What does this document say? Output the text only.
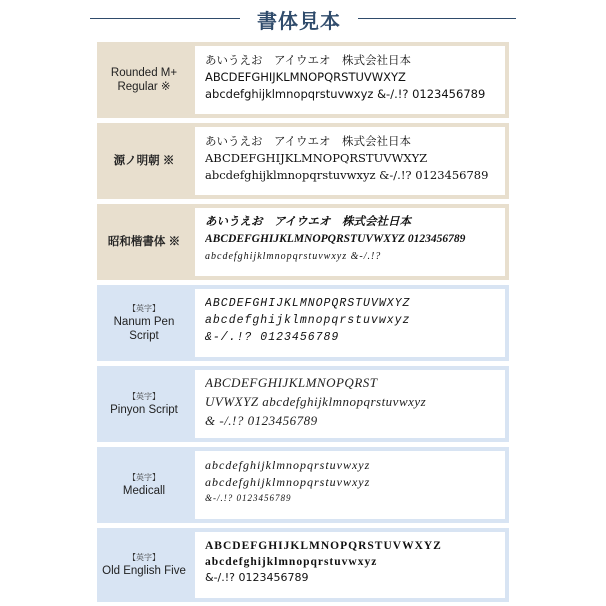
書体見本
Rounded M+
Regular ※
あいうえお　アイウエオ　株式会社日本
ABCDEFGHIJKLMNOPQRSTUVWXYZ
abcdefghijklmnopqrstuvwxyz &-/.!? 0123456789
源ノ明朝 ※
あいうえお　アイウエオ　株式会社日本
ABCDEFGHIJKLMNOPQRSTUVWXYZ
abcdefghijklmnopqrstuvwxyz &-/.!? 0123456789
昭和楷書体 ※
あいうえお　アイウエオ　株式会社日本
ABCDEFGHIJKLMNOPQRSTUVWXYZ 0123456789
abcdefghijklmnopqrstuvwxyz &-/.!?
【英字】
Nanum Pen
Script
ABCDEFGHIJKLMNOPQRSTUVWXYZ
abcdefghijklmnopqrstuvwxyz
&-/.!? 0123456789
【英字】
Pinyon Script
ABCDEFGHIJKLMNOPQRST
UVWXYZ abcdefghijklmnopqrstuvwxyz
& -/.!? 0123456789
【英字】
Medicall
abcdefghijklmnopqrstuvwxyz
abcdefghijklmnopqrstuvwxyz
&-/.!? 0123456789
【英字】
Old English Five
ABCDEFGHIJKLMNOPQRSTUVWXYZ
abcdefghijklmnopqrstuvwxyz
&-/.!? 0123456789
